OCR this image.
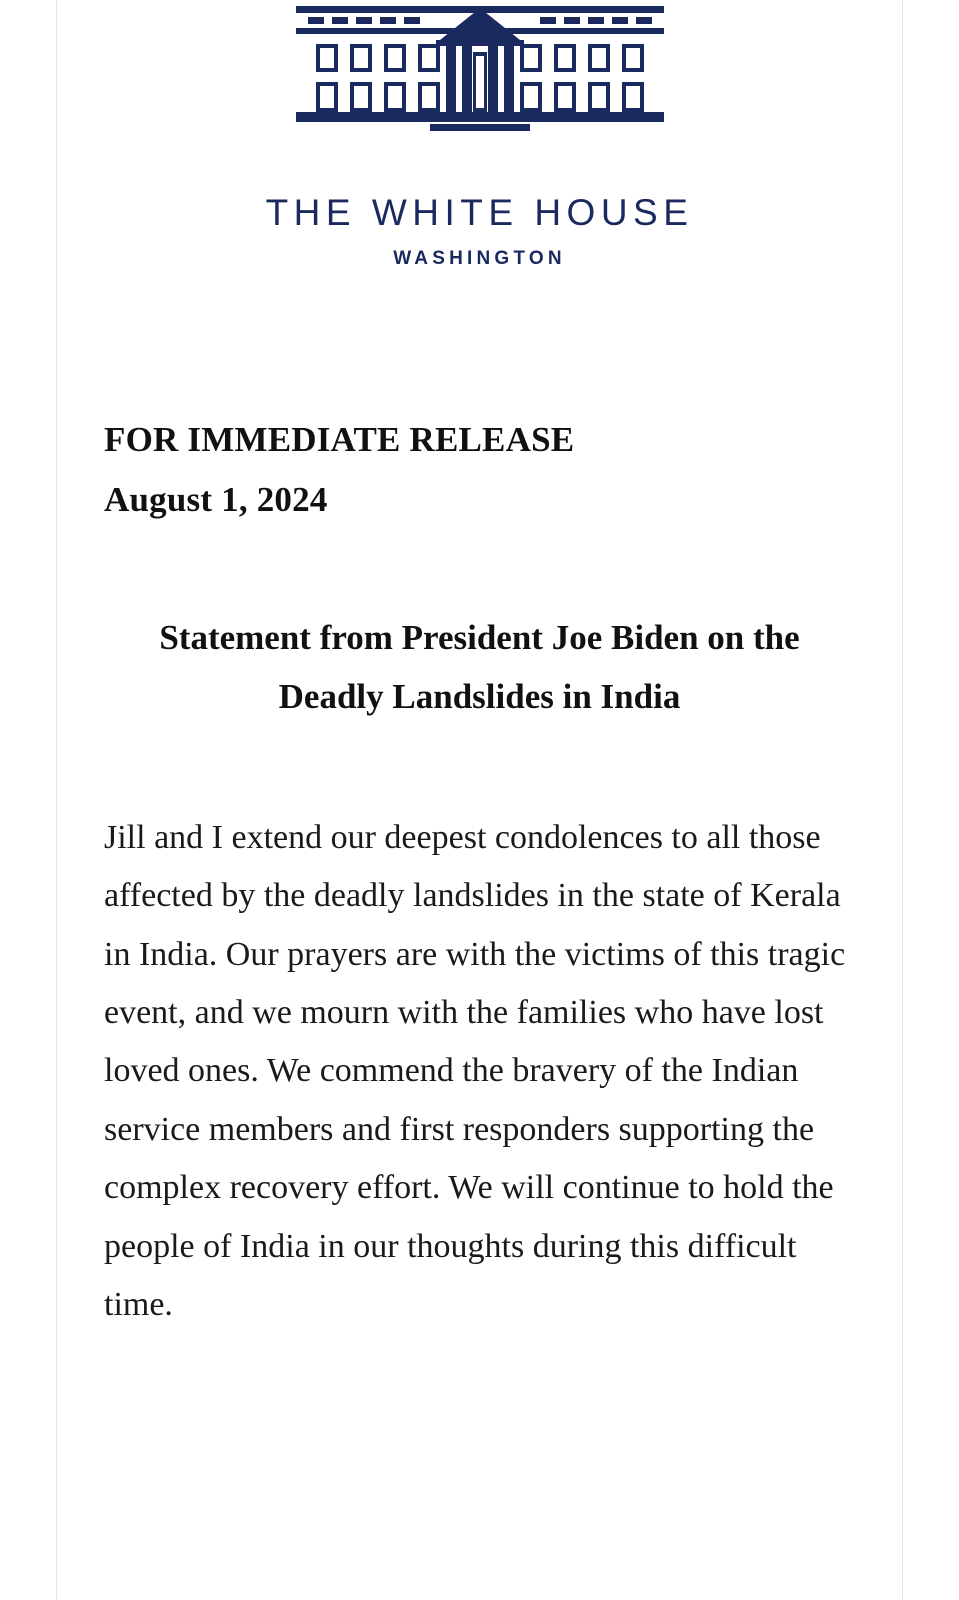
THE WHITE HOUSE
WASHINGTON
FOR IMMEDIATE RELEASE
August 1, 2024
Statement from President Joe Biden on the Deadly Landslides in India

Jill and I extend our deepest condolences to all those affected by the deadly landslides in the state of Kerala in India. Our prayers are with the victims of this tragic event, and we mourn with the families who have lost loved ones. We commend the bravery of the Indian service members and first responders supporting the complex recovery effort. We will continue to hold the people of India in our thoughts during this difficult time.
